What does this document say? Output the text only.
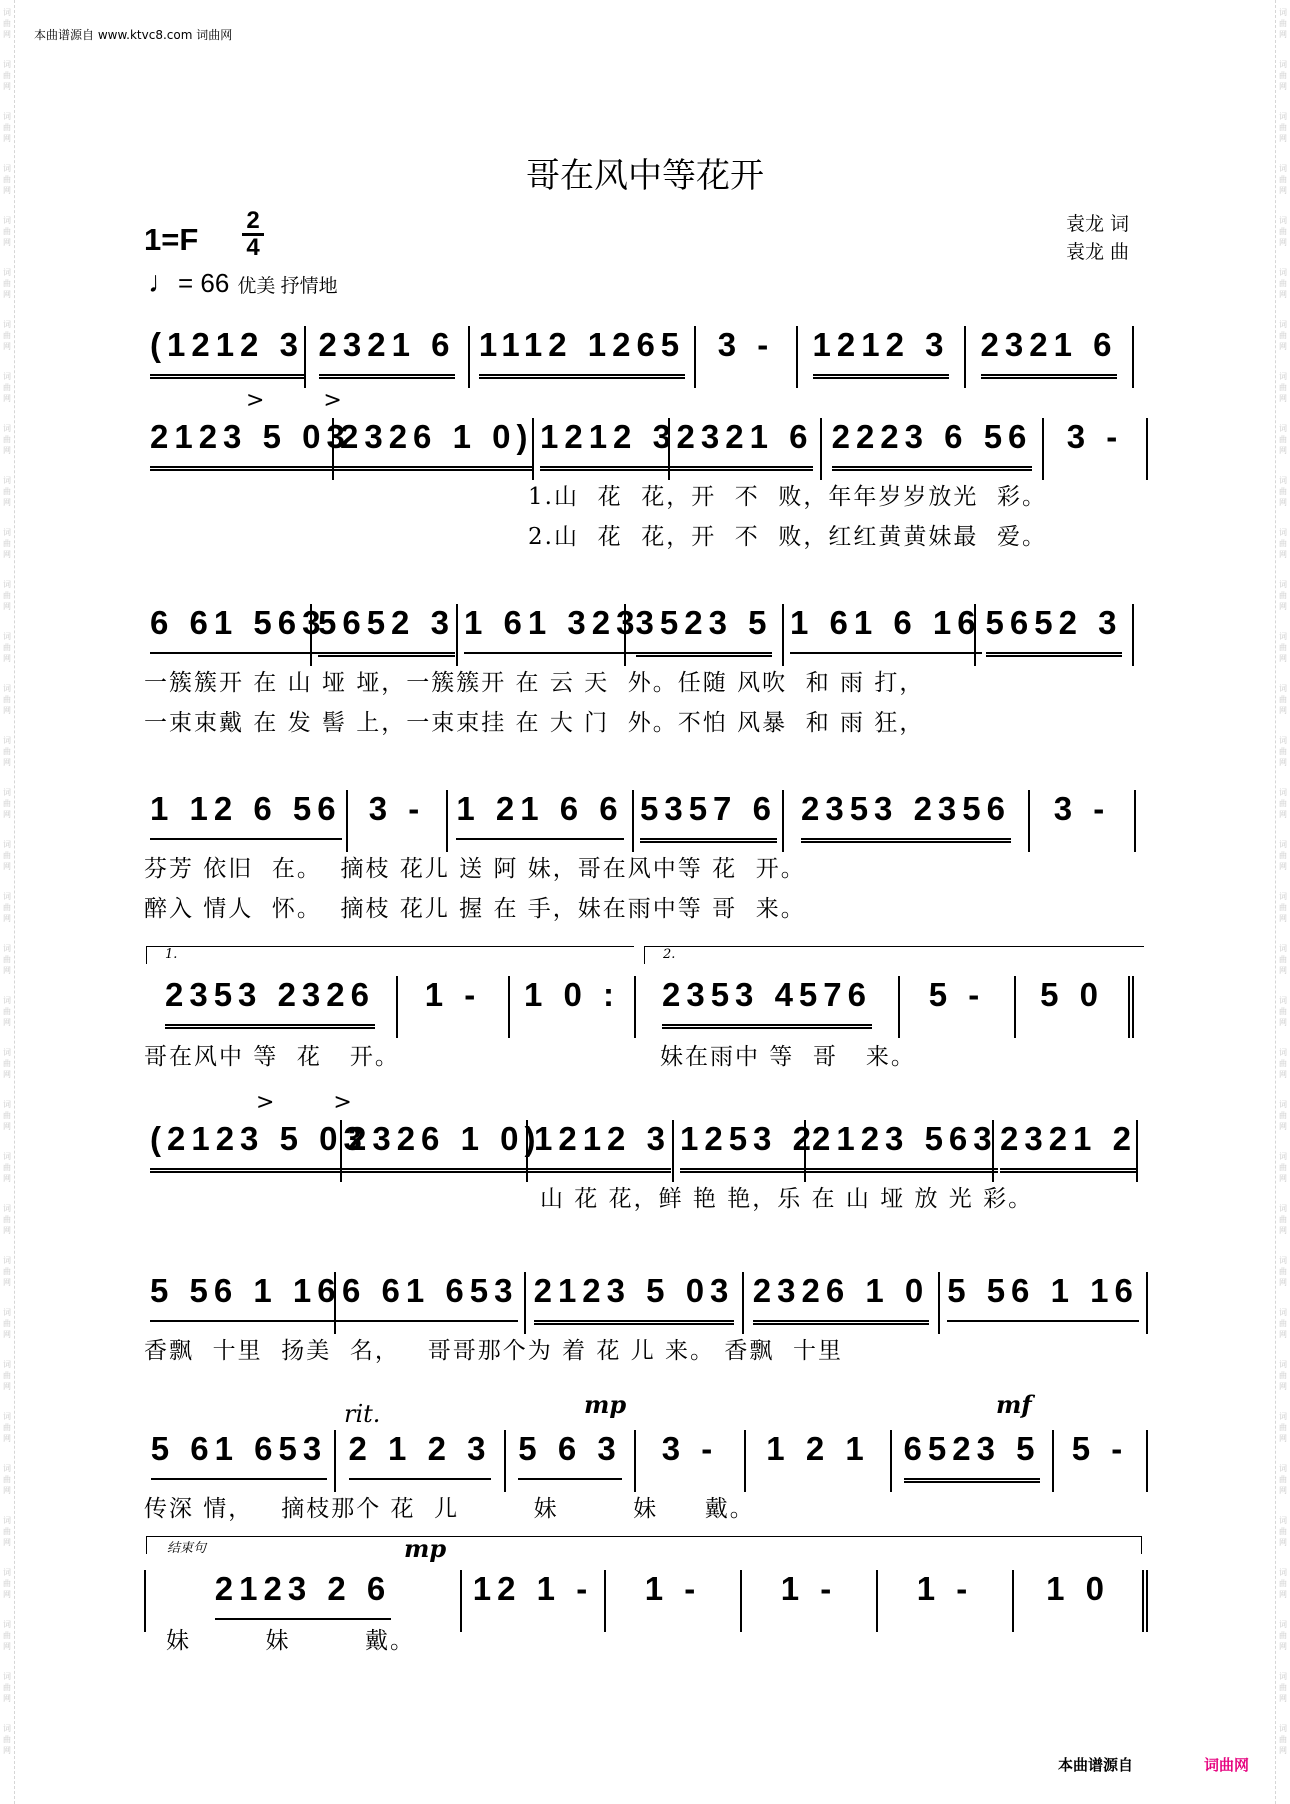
词
曲
网
词
曲
网
词
曲
网
词
曲
网
词
曲
网
词
曲
网
词
曲
网
词
曲
网
词
曲
网
词
曲
网
词
曲
网
词
曲
网
词
曲
网
词
曲
网
词
曲
网
词
曲
网
词
曲
网
词
曲
网
词
曲
网
词
曲
网
词
曲
网
词
曲
网
词
曲
网
词
曲
网
词
曲
网
词
曲
网
词
曲
网
词
曲
网
词
曲
网
词
曲
网
词
曲
网
词
曲
网
词
曲
网
词
曲
网
词
曲
网
词
曲
网
词
曲
网
词
曲
网
词
曲
网
词
曲
网
词
曲
网
词
曲
网
词
曲
网
词
曲
网
词
曲
网
词
曲
网
词
曲
网
词
曲
网
词
曲
网
词
曲
网
词
曲
网
词
曲
网
词
曲
网
词
曲
网
词
曲
网
词
曲
网
词
曲
网
词
曲
网
词
曲
网
词
曲
网
词
曲
网
词
曲
网
词
曲
网
词
曲
网
词
曲
网
词
曲
网
词
曲
网
词
曲
网
本曲谱源自 www.ktvc8.com 词曲网
哥在风中等花开
1=F
2
4
♩= 66 优美 抒情地
袁龙 词
袁龙 曲
(1212 3 2321 6 1112 1265 3 - 1212 3 2321 6
> >
2123 5 03
2326 1 0) 1212 3 2321 6 2223 6 56 3 -
1.山  花  花，开  不  败，年年岁岁放光  彩。
2.山  花  花，开  不  败，红红黄黄妹最  爱。
6 61 563
5652 3 1 61 323
3523 5 1 61 6 16 5652 3
一簇簇开 在 山 垭 垭，一簇簇开 在 云 天  外。任随 风吹  和 雨 打，
一束束戴 在 发 髻 上，一束束挂 在 大 门  外。不怕 风暴  和 雨 狂，
1 12 6 56 3 - 1 21 6 6 5357 6 2353 2356 3 -
芬芳 依旧  在。  摘枝 花儿 送 阿 妹，哥在风中等 花  开。
醉入 情人  怀。  摘枝 花儿 握 在 手，妹在雨中等 哥  来。
1.	2.
2353 2326 1 - 1 0 : 2353 4576 5 - 5 0
哥在风中 等  花   开。	妹在雨中 等  哥   来。
> >
(2123 5 03
2326 1 0)
1212 3 1253 2
2123 563 2321 2
山 花 花，鲜 艳 艳，乐 在 山 垭 放 光 彩。
5 56 1 16 6 61 653 2123 5 03 2326 1 0 5 56 1 16
香飘  十里  扬美  名，   哥哥那个为 着 花 儿 来。 香飘  十里
rit.	mp	mf
5 61 653 2 1 2 3 5 6 3 3 - 1 2 1 6523 5 5 -
传深 情，   摘枝那个 花  儿        妹        妹     戴。
结束句	mp
2123 2 6 12 1 - 1 - 1 - 1 - 1 0
妹        妹        戴。
本曲谱源自	词曲网
